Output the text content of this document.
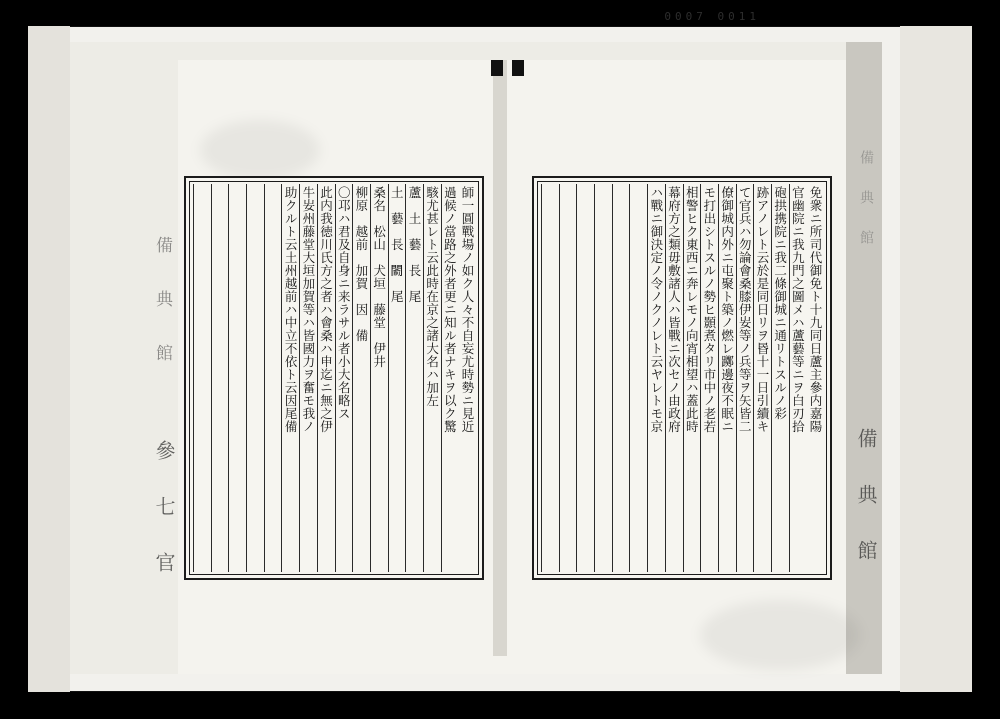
0007 0011
免衆ニ所司代御免ト十九同日蘆主參内嘉陽
官幽院ニ我九門之圖メハ蘆藝等ニヲ白刃拾
砲拱携院ニ我二條御城ニ通リトスルノ彩
跡アノレト云於是同日リヲ昬十一日引續キ
て官兵ハ勿論會桑膝伊𡚴等ノ兵等ヲ矢皆二
僚御城内外ニ屯聚ト築ノ燃レ躑邊夜不眠ニ
モ打出シトスルノ勢ヒ顥煮タリ市中ノ老若
相警ヒク東西ニ奔レモノ向宵相望ハ蓋此時
幕府方之類毋敷諸人ハ皆戰ニ次セノ由政府
ハ戰ニ御決定ノ令ノクノレト云ヤレトモ京
師一圓戰場ノ如ク人々不自妄尤時勢ニ見近
過候ノ當路之外者更ニ知ル者ナキヲ以ク驚
駭尤甚レト云此時在京之諸大名ハ加左
蘆　土　藝　長　尾
土　藝　長　𨵦　尾
桑名　松山　犬垣　藤堂　伊井
柳原　越前　加賀　因　備
〇邛ハ君及自身ニ来ラサル者小大名略ス
此内我徳川氏方之者ハ會桑ハ申迄ニ無之伊
牛𡚴州藤堂大垣加賀等ハ皆國力ヲ奮モ我ノ
助クルト云土州越前ハ中立不依ト云因尾備
備　典　館
參　七　官	備　典　館
備　典　館
